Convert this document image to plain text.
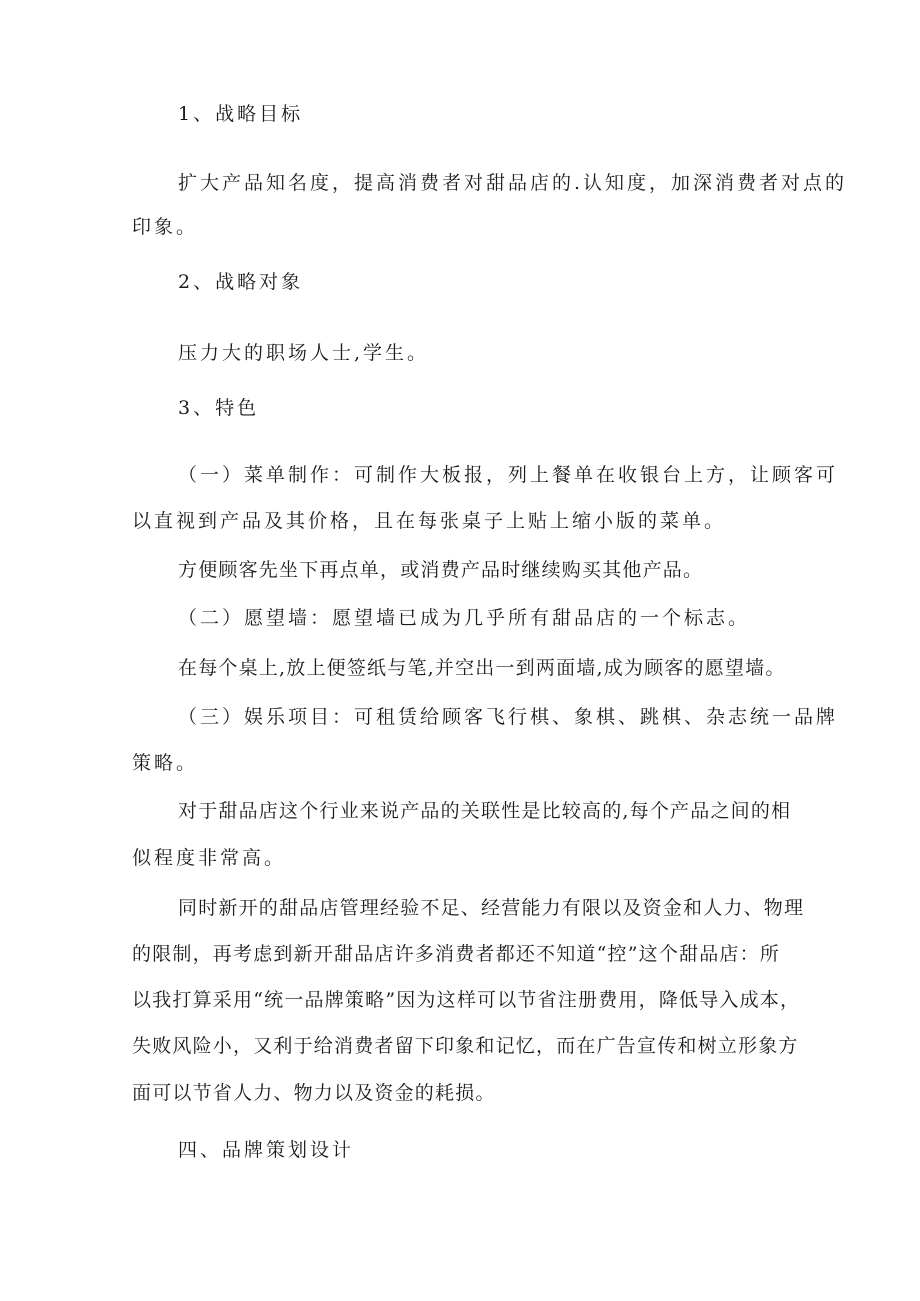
1、战略目标
扩大产品知名度，提高消费者对甜品店的.认知度，加深消费者对点的
印象。
2、战略对象
压力大的职场人士,学生。
3、特色
（一）菜单制作：可制作大板报，列上餐单在收银台上方，让顾客可
以直视到产品及其价格，且在每张桌子上贴上缩小版的菜单。
方便顾客先坐下再点单，或消费产品时继续购买其他产品。
（二）愿望墙：愿望墙已成为几乎所有甜品店的一个标志。
在每个桌上,放上便签纸与笔,并空出一到两面墙,成为顾客的愿望墙。
（三）娱乐项目：可租赁给顾客飞行棋、象棋、跳棋、杂志统一品牌
策略。
对于甜品店这个行业来说产品的关联性是比较高的,每个产品之间的相
似程度非常高。
同时新开的甜品店管理经验不足、经营能力有限以及资金和人力、物理
的限制，再考虑到新开甜品店许多消费者都还不知道“控”这个甜品店：所
以我打算采用“统一品牌策略”因为这样可以节省注册费用，降低导入成本，
失败风险小，又利于给消费者留下印象和记忆，而在广告宣传和树立形象方
面可以节省人力、物力以及资金的耗损。
四、品牌策划设计
